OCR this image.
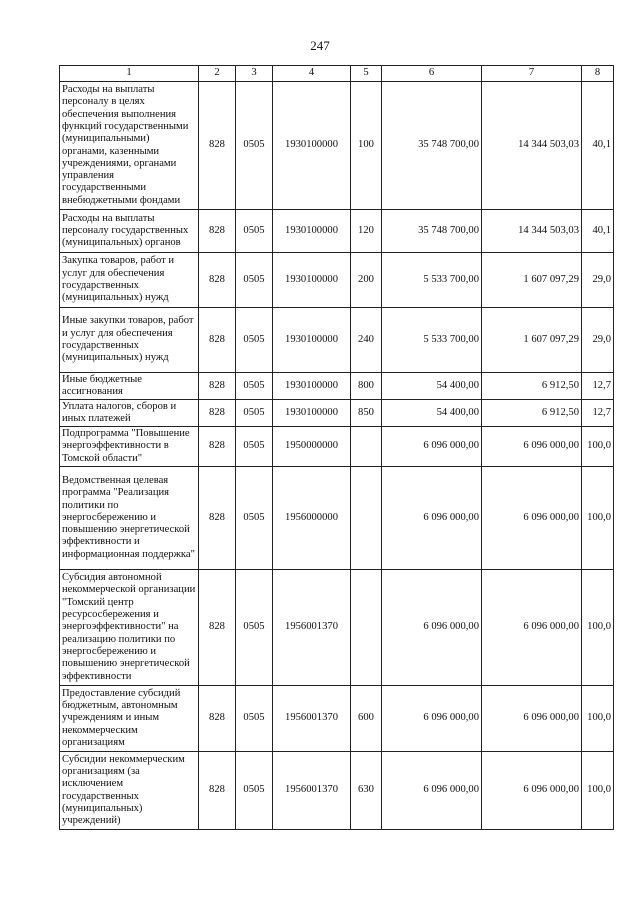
247
1	2	3	4	5	6	7	8
Расходы на выплаты персоналу в целях обеспечения выполнения функций государственными (муниципальными) органами, казенными учреждениями, органами управления государственными внебюджетными фондами	828	0505	1930100000	100	35 748 700,00	14 344 503,03	40,1
Расходы на выплаты персоналу государственных (муниципальных) органов	828	0505	1930100000	120	35 748 700,00	14 344 503,03	40,1
Закупка товаров, работ и услуг для обеспечения государственных (муниципальных) нужд	828	0505	1930100000	200	5 533 700,00	1 607 097,29	29,0
Иные закупки товаров, работ и услуг для обеспечения государственных (муниципальных) нужд	828	0505	1930100000	240	5 533 700,00	1 607 097,29	29,0
Иные бюджетные ассигнования	828	0505	1930100000	800	54 400,00	6 912,50	12,7
Уплата налогов, сборов и иных платежей	828	0505	1930100000	850	54 400,00	6 912,50	12,7
Подпрограмма "Повышение энергоэффективности в Томской области"	828	0505	1950000000		6 096 000,00	6 096 000,00	100,0
Ведомственная целевая программа "Реализация политики по энергосбережению и повышению энергетической эффективности и информационная поддержка"	828	0505	1956000000		6 096 000,00	6 096 000,00	100,0
Субсидия автономной некоммерческой организации "Томский центр ресурсосбережения и энергоэффективности" на реализацию политики по энергосбережению и повышению энергетической эффективности	828	0505	1956001370		6 096 000,00	6 096 000,00	100,0
Предоставление субсидий бюджетным, автономным учреждениям и иным некоммерческим организациям	828	0505	1956001370	600	6 096 000,00	6 096 000,00	100,0
Субсидии некоммерческим организациям (за исключением государственных (муниципальных) учреждений)	828	0505	1956001370	630	6 096 000,00	6 096 000,00	100,0
